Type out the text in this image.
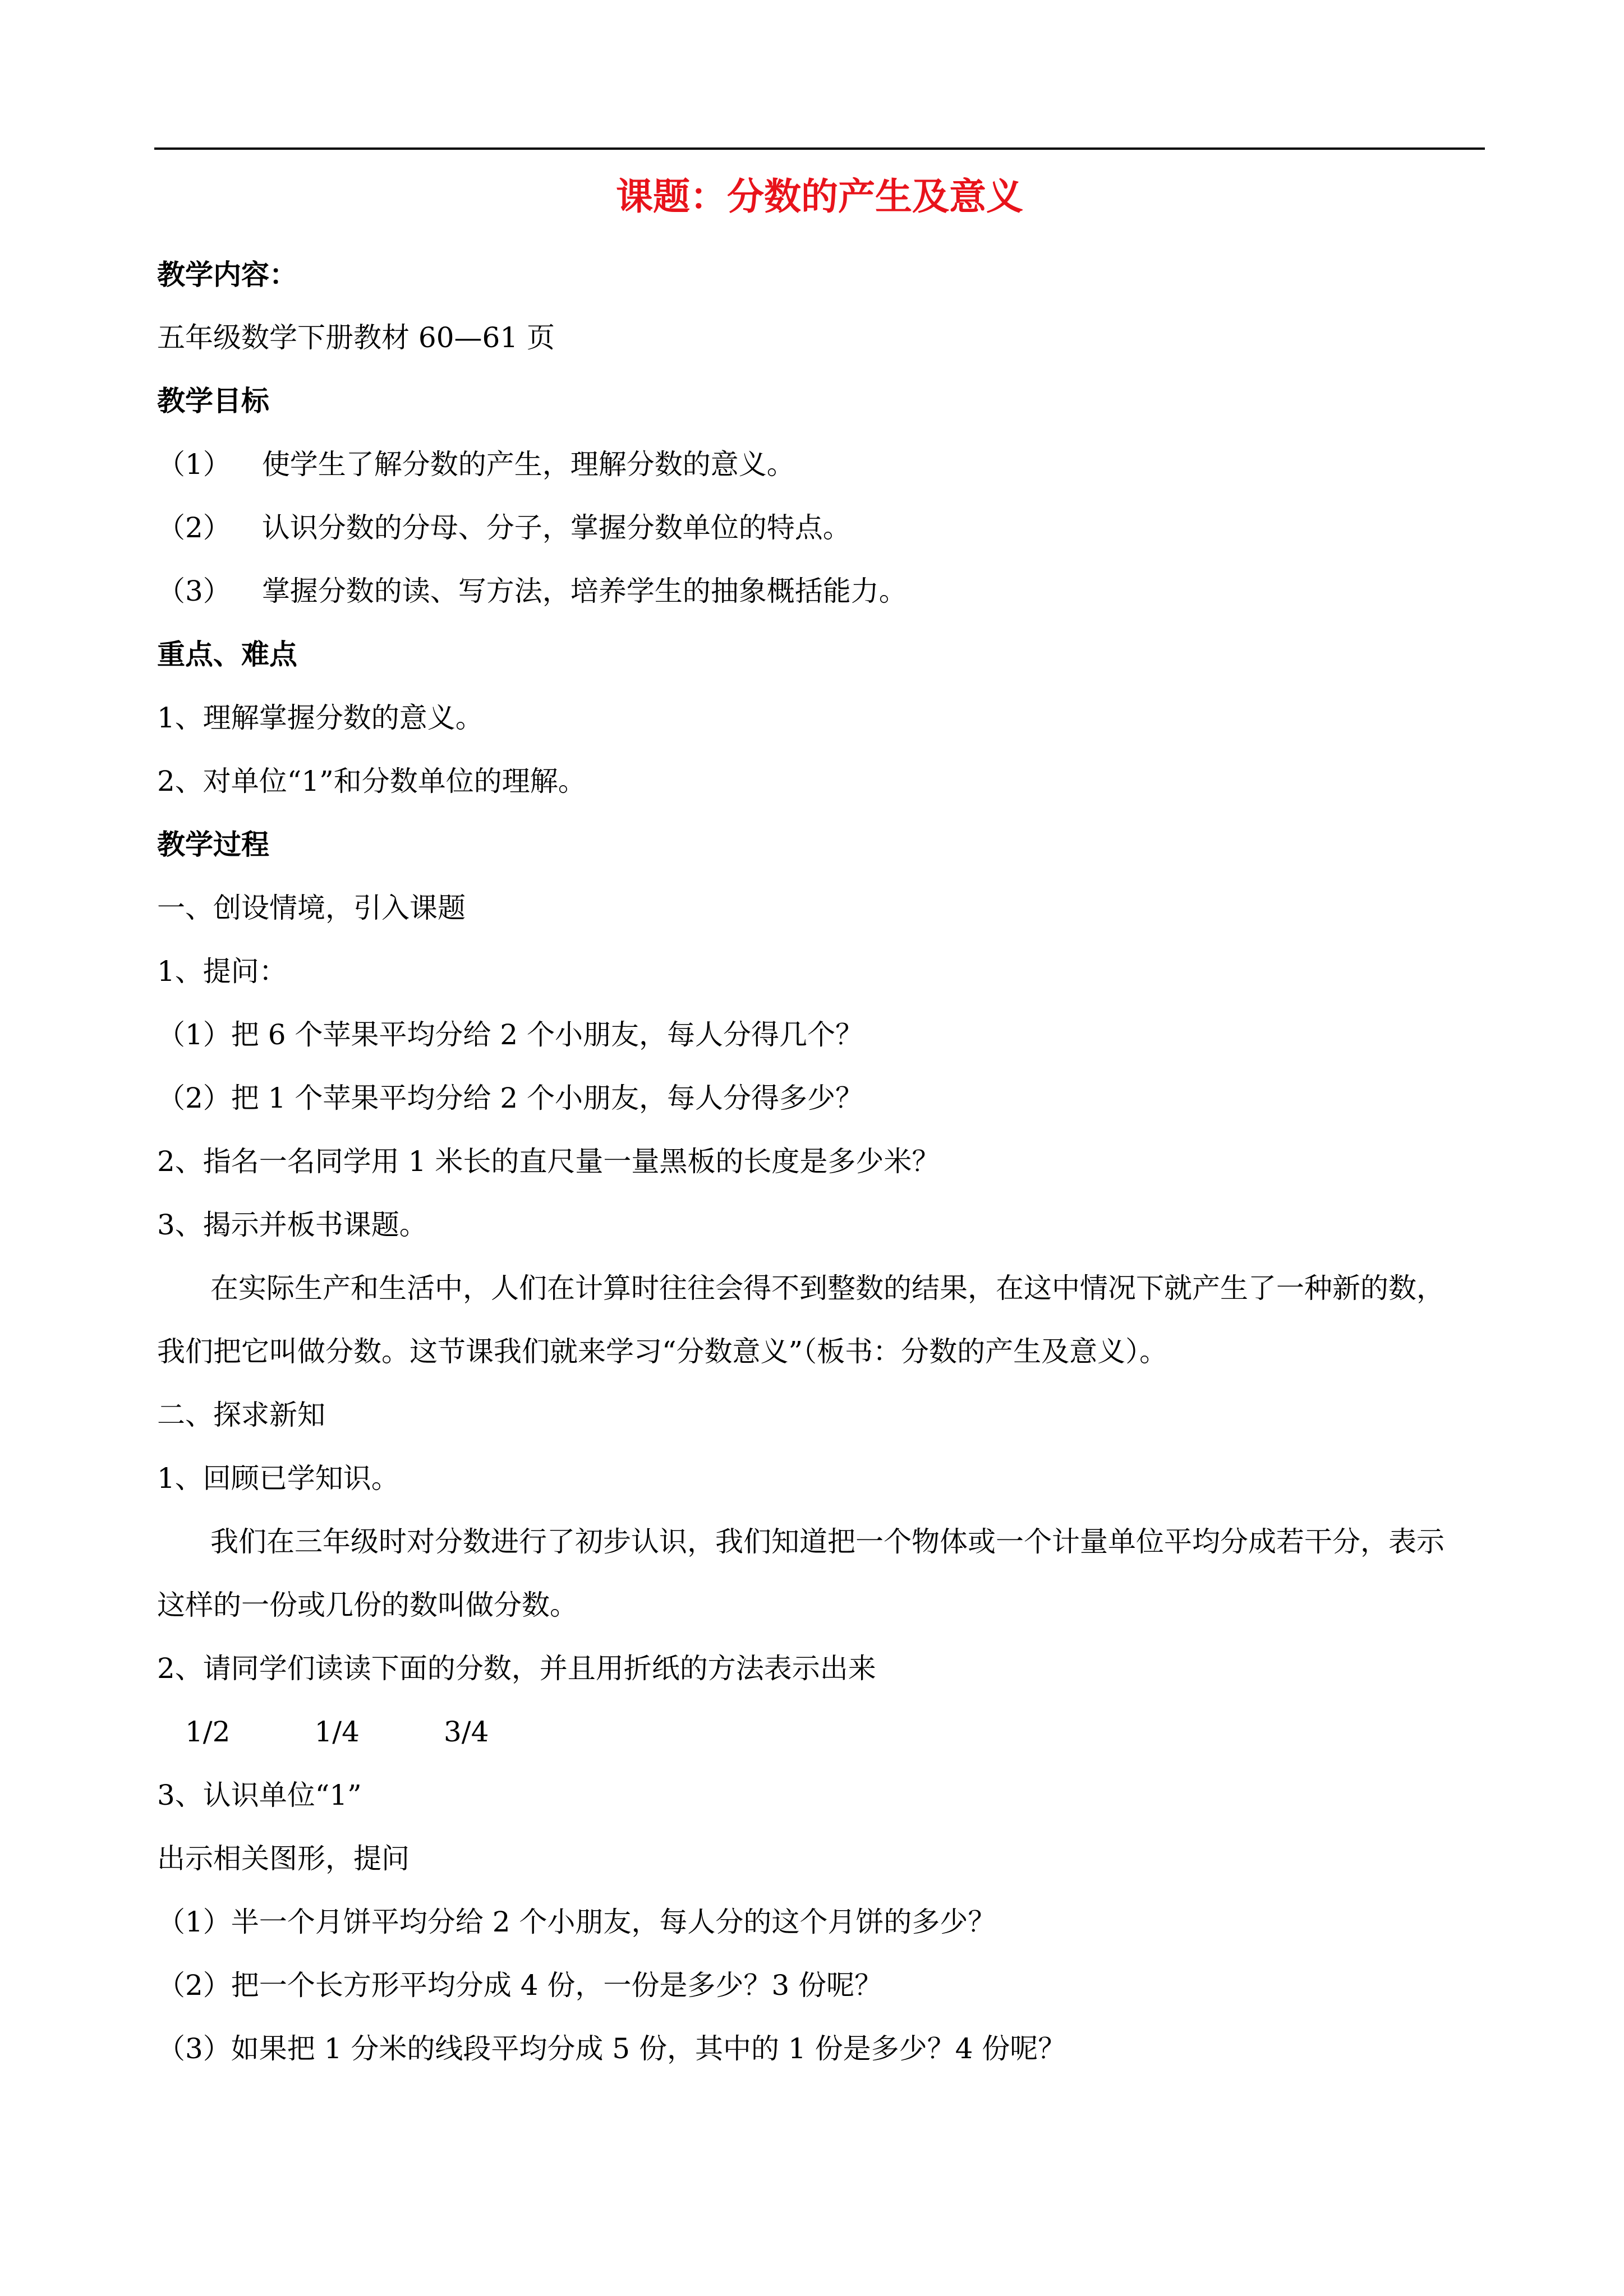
课题：分数的产生及意义
教学内容：
五年级数学下册教材 60—61 页
教学目标
（1） 使学生了解分数的产生，理解分数的意义。
（2） 认识分数的分母、分子，掌握分数单位的特点。
（3） 掌握分数的读、写方法，培养学生的抽象概括能力。
重点、难点
1、理解掌握分数的意义。
2、对单位“1”和分数单位的理解。
教学过程
一、创设情境，引入课题
1、提问：
（1）把 6 个苹果平均分给 2 个小朋友，每人分得几个？
（2）把 1 个苹果平均分给 2 个小朋友，每人分得多少？
2、指名一名同学用 1 米长的直尺量一量黑板的长度是多少米？
3、揭示并板书课题。
在实际生产和生活中，人们在计算时往往会得不到整数的结果，在这中情况下就产生了一种新的数，
我们把它叫做分数。这节课我们就来学习“分数意义”（板书：分数的产生及意义）。
二、探求新知
1、回顾已学知识。
我们在三年级时对分数进行了初步认识，我们知道把一个物体或一个计量单位平均分成若干分，表示
这样的一份或几份的数叫做分数。
2、请同学们读读下面的分数，并且用折纸的方法表示出来
1/2	1/4	3/4
3、认识单位“1”
出示相关图形，提问
（1）半一个月饼平均分给 2 个小朋友，每人分的这个月饼的多少？
（2）把一个长方形平均分成 4 份，一份是多少？3 份呢？
（3）如果把 1 分米的线段平均分成 5 份，其中的 1 份是多少？4 份呢？
